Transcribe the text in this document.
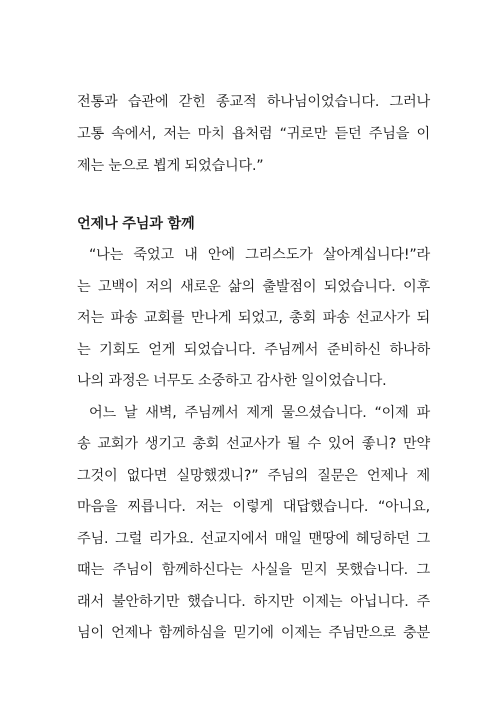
전통과 습관에 갇힌 종교적 하나님이었습니다. 그러나
고통 속에서, 저는 마치 욥처럼 “귀로만 듣던 주님을 이
제는 눈으로 뵙게 되었습니다.”
언제나 주님과 함께
“나는 죽었고 내 안에 그리스도가 살아계십니다!”라
는 고백이 저의 새로운 삶의 출발점이 되었습니다. 이후
저는 파송 교회를 만나게 되었고, 총회 파송 선교사가 되
는 기회도 얻게 되었습니다. 주님께서 준비하신 하나하
나의 과정은 너무도 소중하고 감사한 일이었습니다.
어느 날 새벽, 주님께서 제게 물으셨습니다. “이제 파
송 교회가 생기고 총회 선교사가 될 수 있어 좋니? 만약
그것이 없다면 실망했겠니?” 주님의 질문은 언제나 제
마음을 찌릅니다. 저는 이렇게 대답했습니다. “아니요,
주님. 그럴 리가요. 선교지에서 매일 맨땅에 헤딩하던 그
때는 주님이 함께하신다는 사실을 믿지 못했습니다. 그
래서 불안하기만 했습니다. 하지만 이제는 아닙니다. 주
님이 언제나 함께하심을 믿기에 이제는 주님만으로 충분
